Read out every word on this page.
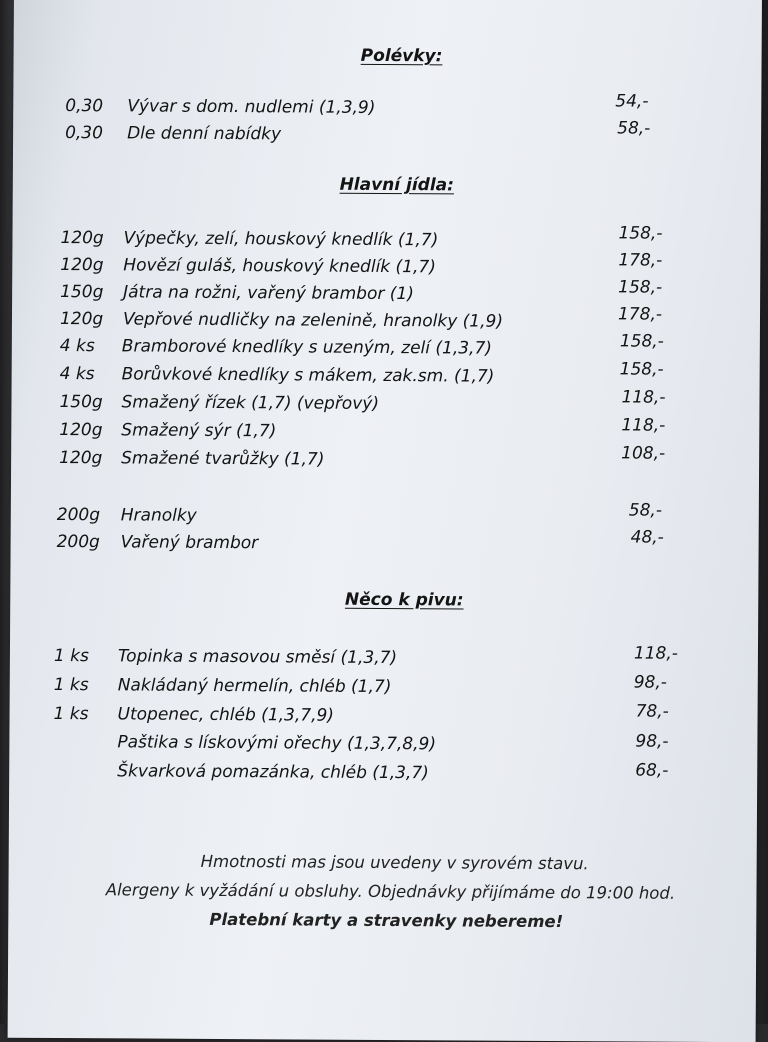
Polévky:
0,30	Vývar s dom. nudlemi (1,3,9)	54,-
0,30	Dle denní nabídky	58,-
Hlavní jídla:
120g	Výpečky, zelí, houskový knedlík (1,7)	158,-
120g	Hovězí guláš, houskový knedlík (1,7)	178,-
150g	Játra na rožni, vařený brambor (1)	158,-
120g	Vepřové nudličky na zelenině, hranolky (1,9)	178,-
4 ks	Bramborové knedlíky s uzeným, zelí (1,3,7)	158,-
4 ks	Borůvkové knedlíky s mákem, zak.sm. (1,7)	158,-
150g	Smažený řízek (1,7) (vepřový)	118,-
120g	Smažený sýr (1,7)	118,-
120g	Smažené tvarůžky (1,7)	108,-
200g	Hranolky	58,-
200g	Vařený brambor	48,-
Něco k pivu:
1 ks	Topinka s masovou směsí (1,3,7)	118,-
1 ks	Nakládaný hermelín, chléb (1,7)	98,-
1 ks	Utopenec, chléb (1,3,7,9)	78,-
Paštika s lískovými ořechy (1,3,7,8,9)	98,-
Škvarková pomazánka, chléb (1,3,7)	68,-
Hmotnosti mas jsou uvedeny v syrovém stavu.
Alergeny k vyžádání u obsluhy. Objednávky přijímáme do 19:00 hod.
Platební karty a stravenky nebereme!
